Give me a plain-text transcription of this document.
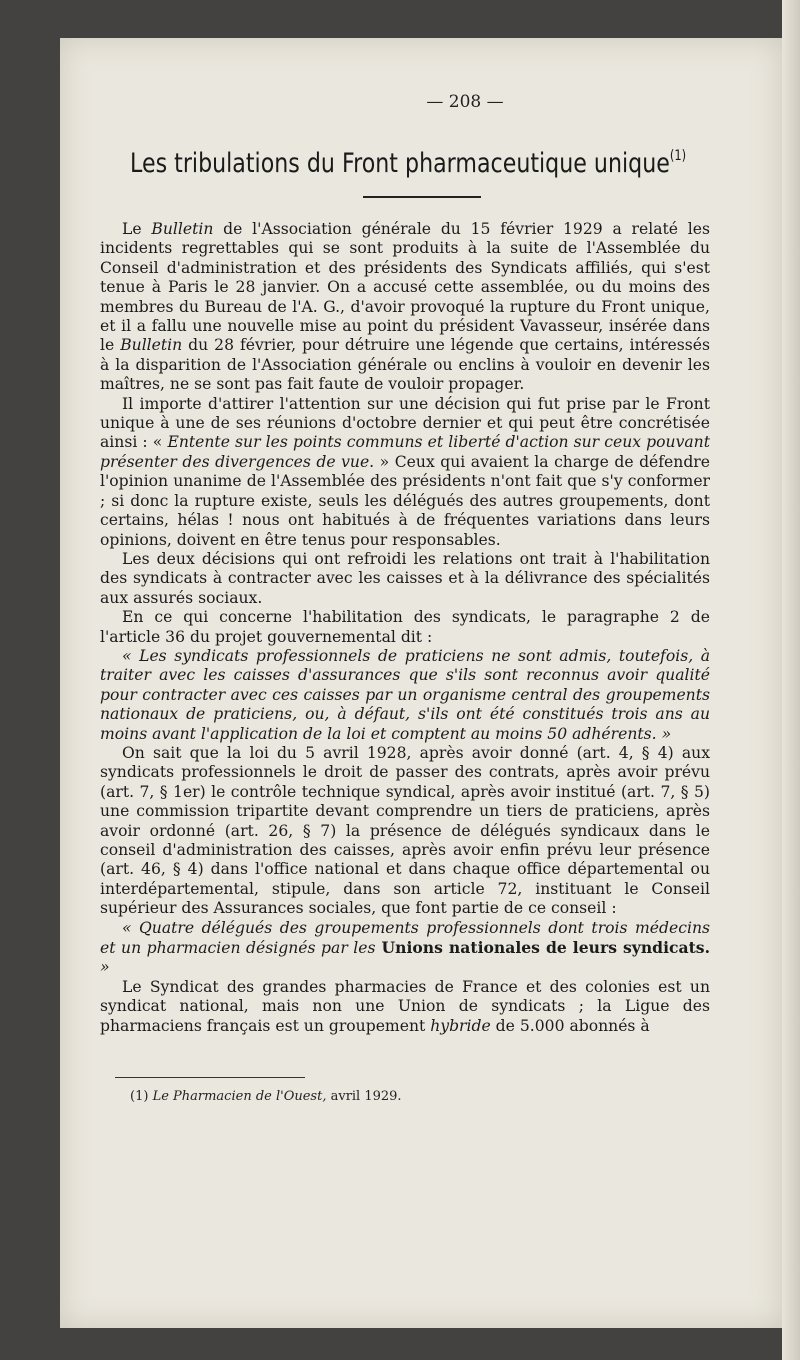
— 208 —
Les tribulations du Front pharmaceutique unique$^{(1)}$

Le Bulletin de l'Association générale du 15 février 1929 a relaté les incidents regrettables qui se sont produits à la suite de l'Assemblée du Conseil d'administration et des présidents des Syndicats affiliés, qui s'est tenue à Paris le 28 janvier. On a accusé cette assemblée, ou du moins des membres du Bureau de l'A. G., d'avoir provoqué la rupture du Front unique, et il a fallu une nouvelle mise au point du président Vavasseur, insérée dans le Bulletin du 28 février, pour détruire une légende que certains, intéressés à la disparition de l'Association générale ou enclins à vouloir en devenir les maîtres, ne se sont pas fait faute de vouloir propager.

Il importe d'attirer l'attention sur une décision qui fut prise par le Front unique à une de ses réunions d'octobre dernier et qui peut être concrétisée ainsi : « Entente sur les points communs et liberté d'action sur ceux pouvant présenter des divergences de vue. » Ceux qui avaient la charge de défendre l'opinion unanime de l'Assemblée des présidents n'ont fait que s'y conformer ; si donc la rupture existe, seuls les délégués des autres groupements, dont certains, hélas ! nous ont habitués à de fréquentes variations dans leurs opinions, doivent en être tenus pour responsables.

Les deux décisions qui ont refroidi les relations ont trait à l'habilitation des syndicats à contracter avec les caisses et à la délivrance des spécialités aux assurés sociaux.

En ce qui concerne l'habilitation des syndicats, le paragraphe 2 de l'article 36 du projet gouvernemental dit :

« Les syndicats professionnels de praticiens ne sont admis, toutefois, à traiter avec les caisses d'assurances que s'ils sont reconnus avoir qualité pour contracter avec ces caisses par un organisme central des groupements nationaux de praticiens, ou, à défaut, s'ils ont été constitués trois ans au moins avant l'application de la loi et comptent au moins 50 adhérents. »

On sait que la loi du 5 avril 1928, après avoir donné (art. 4, § 4) aux syndicats professionnels le droit de passer des contrats, après avoir prévu (art. 7, § 1er) le contrôle technique syndical, après avoir institué (art. 7, § 5) une commission tripartite devant comprendre un tiers de praticiens, après avoir ordonné (art. 26, § 7) la présence de délégués syndicaux dans le conseil d'administration des caisses, après avoir enfin prévu leur présence (art. 46, § 4) dans l'office national et dans chaque office départemental ou interdépartemental, stipule, dans son article 72, instituant le Conseil supérieur des Assurances sociales, que font partie de ce conseil :

« Quatre délégués des groupements professionnels dont trois médecins et un pharmacien désignés par les Unions nationales de leurs syndicats. »

Le Syndicat des grandes pharmacies de France et des colonies est un syndicat national, mais non une Union de syndicats ; la Ligue des pharmaciens français est un groupement hybride de 5.000 abonnés à

(1) Le Pharmacien de l'Ouest, avril 1929.
